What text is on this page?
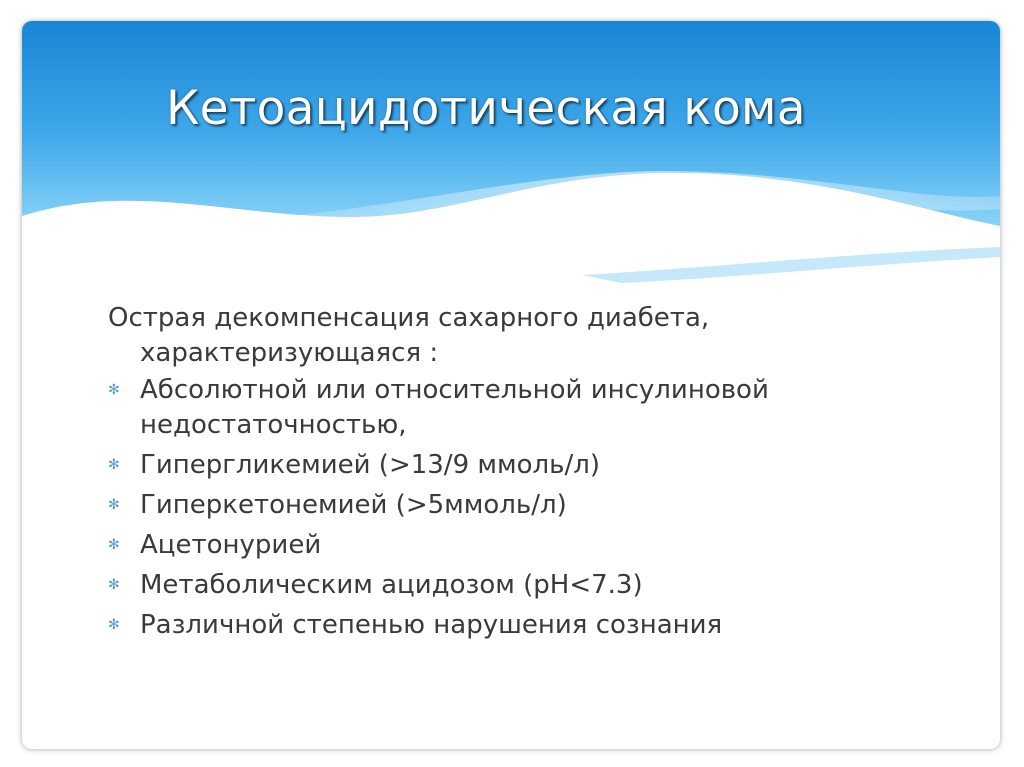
Кетоацидотическая кома

Острая декомпенсация сахарного диабета, характеризующаяся :

✻ Абсолютной или относительной инсулиновой недостаточностью,
✻ Гипергликемией (>13/9 ммоль/л)
✻ Гиперкетонемией (>5ммоль/л)
✻ Ацетонурией
✻ Метаболическим ацидозом (pH<7.3)
✻ Различной степенью нарушения сознания
